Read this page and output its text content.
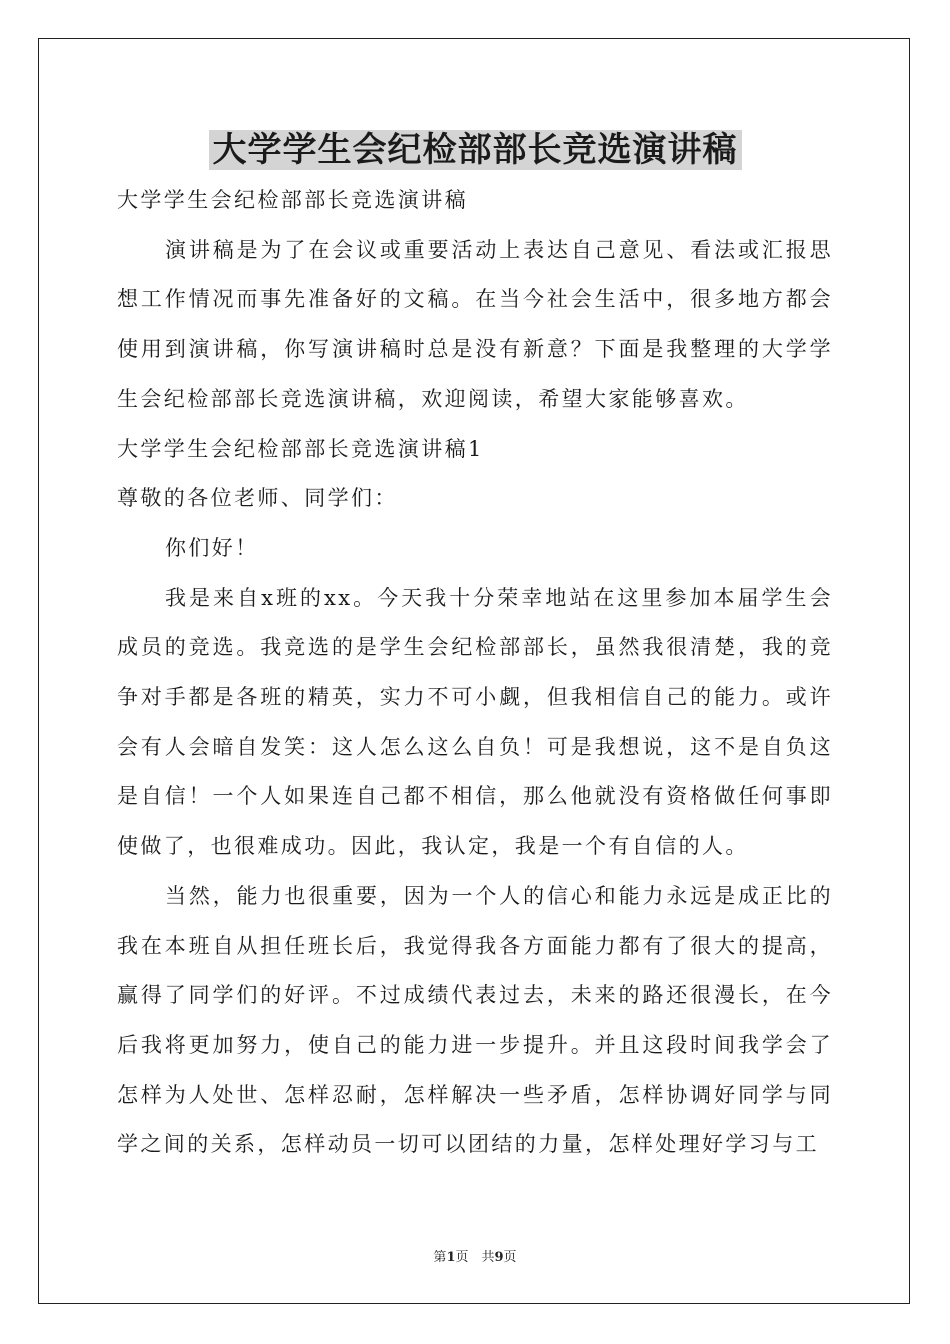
大学学生会纪检部部长竞选演讲稿

大学学生会纪检部部长竞选演讲稿

演讲稿是为了在会议或重要活动上表达自己意见、看法或汇报思想工作情况而事先准备好的文稿。在当今社会生活中，很多地方都会使用到演讲稿，你写演讲稿时总是没有新意？下面是我整理的大学学生会纪检部部长竞选演讲稿，欢迎阅读，希望大家能够喜欢。

大学学生会纪检部部长竞选演讲稿1

尊敬的各位老师、同学们：

你们好！

我是来自x班的xx。今天我十分荣幸地站在这里参加本届学生会成员的竞选。我竞选的是学生会纪检部部长，虽然我很清楚，我的竞争对手都是各班的精英，实力不可小觑，但我相信自己的能力。或许会有人会暗自发笑：这人怎么这么自负！可是我想说，这不是自负这是自信！一个人如果连自己都不相信，那么他就没有资格做任何事即使做了，也很难成功。因此，我认定，我是一个有自信的人。

当然，能力也很重要，因为一个人的信心和能力永远是成正比的我在本班自从担任班长后，我觉得我各方面能力都有了很大的提高，赢得了同学们的好评。不过成绩代表过去，未来的路还很漫长，在今后我将更加努力，使自己的能力进一步提升。并且这段时间我学会了怎样为人处世、怎样忍耐，怎样解决一些矛盾，怎样协调好同学与同学之间的关系，怎样动员一切可以团结的力量，怎样处理好学习与工

第1页　共9页
